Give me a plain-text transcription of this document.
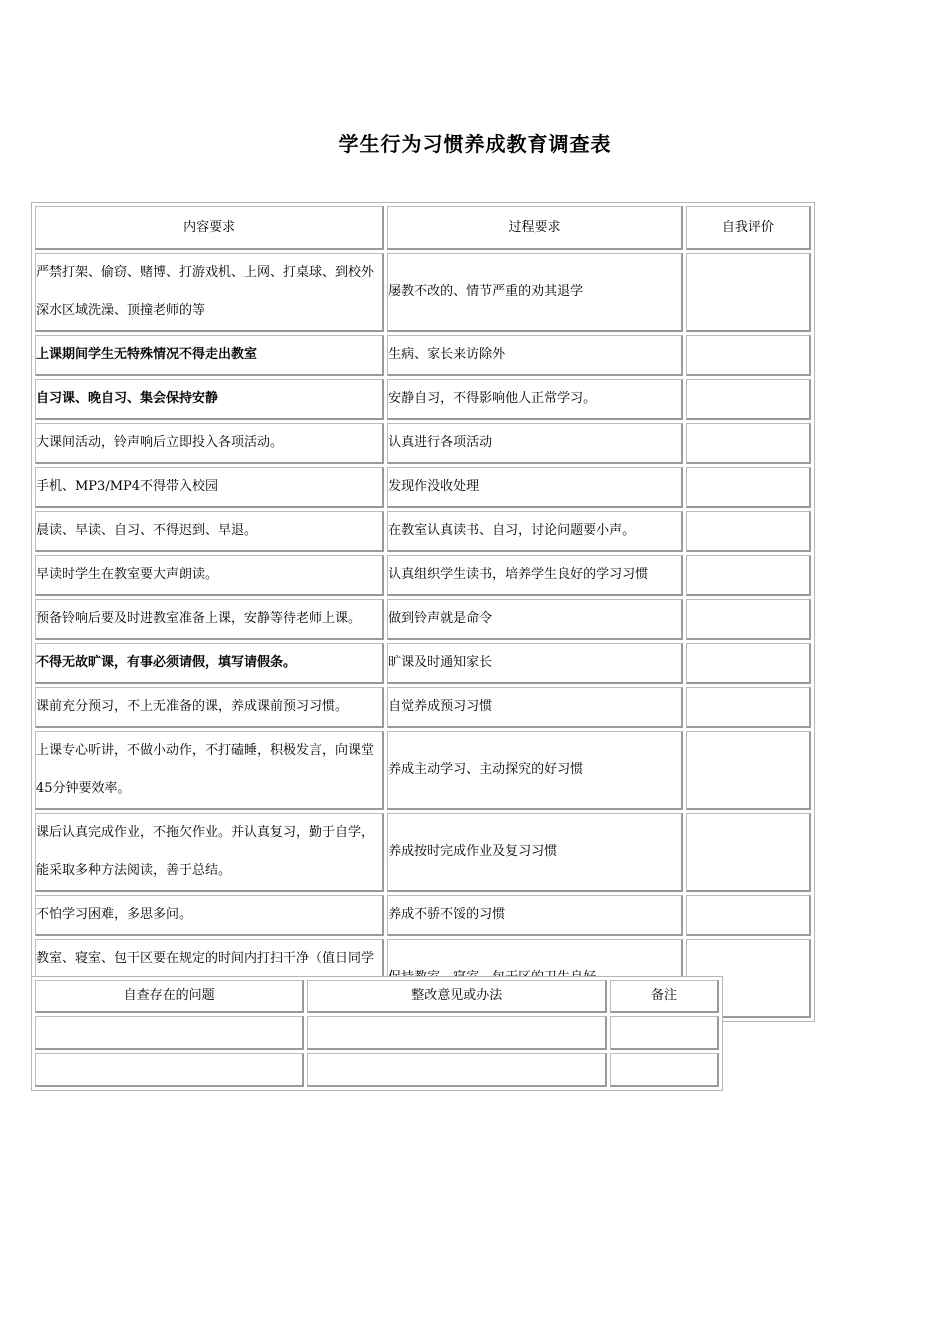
学生行为习惯养成教育调查表
内容要求	过程要求	自我评价
严禁打架、偷窃、赌博、打游戏机、上网、打桌球、到校外深水区域洗澡、顶撞老师的等	屡教不改的、情节严重的劝其退学	
上课期间学生无特殊情况不得走出教室	生病、家长来访除外	
自习课、晚自习、集会保持安静	安静自习，不得影响他人正常学习。	
大课间活动，铃声响后立即投入各项活动。	认真进行各项活动	
手机、MP3/MP4不得带入校园	发现作没收处理	
晨读、早读、自习、不得迟到、早退。	在教室认真读书、自习，讨论问题要小声。	
早读时学生在教室要大声朗读。	认真组织学生读书，培养学生良好的学习习惯	
预备铃响后要及时进教室准备上课，安静等待老师上课。	做到铃声就是命令	
不得无故旷课，有事必须请假，填写请假条。	旷课及时通知家长	
课前充分预习，不上无准备的课，养成课前预习习惯。	自觉养成预习习惯	
上课专心听讲，不做小动作，不打磕睡，积极发言，向课堂45分钟要效率。	养成主动学习、主动探究的好习惯	
课后认真完成作业，不拖欠作业。并认真复习，勤于自学，能采取多种方法阅读，善于总结。	养成按时完成作业及复习习惯	
不怕学习困难，多思多问。	养成不骄不馁的习惯	
教室、寝室、包干区要在规定的时间内打扫干净（值日同学		
自查存在的问题	整改意见或办法	备注
